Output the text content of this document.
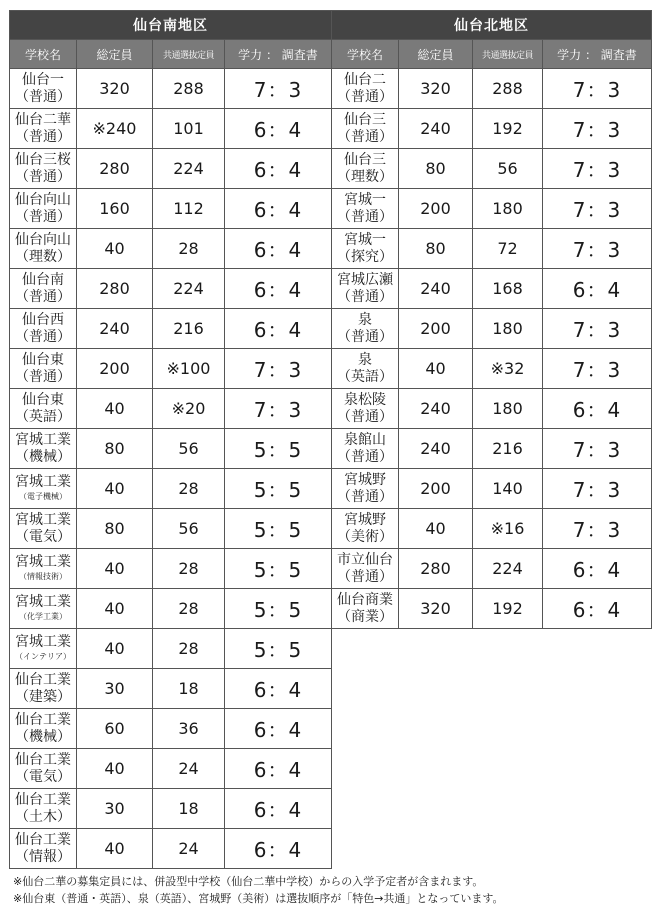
仙台南地区			
学校名	総定員	共通選抜定員	学力 ： 調査書

仙台一
（普通）	320	288	7：3

仙台二華
（普通）	※240	101	6：4

仙台三桜
（普通）	280	224	6：4

仙台向山
（普通）	160	112	6：4

仙台向山
（理数）	40	28	6：4

仙台南
（普通）	280	224	6：4

仙台西
（普通）	240	216	6：4

仙台東
（普通）	200	※100	7：3

仙台東
（英語）	40	※20	7：3

宮城工業
（機械）	80	56	5：5

宮城工業
（電子機械）	40	28	5：5

宮城工業
（電気）	80	56	5：5

宮城工業
（情報技術）	40	28	5：5

宮城工業
（化学工業）	40	28	5：5

宮城工業
（インテリア）	40	28	5：5

仙台工業
（建築）	30	18	6：4

仙台工業
（機械）	60	36	6：4

仙台工業
（電気）	40	24	6：4

仙台工業
（土木）	30	18	6：4

仙台工業
（情報）	40	24	6：4
仙台北地区			
学校名	総定員	共通選抜定員	学力 ： 調査書

仙台二
（普通）	320	288	7：3

仙台三
（普通）	240	192	7：3

仙台三
（理数）	80	56	7：3

宮城一
（普通）	200	180	7：3

宮城一
（探究）	80	72	7：3

宮城広瀬
（普通）	240	168	6：4

泉
（普通）	200	180	7：3

泉
（英語）	40	※32	7：3

泉松陵
（普通）	240	180	6：4

泉館山
（普通）	240	216	7：3

宮城野
（普通）	200	140	7：3

宮城野
（美術）	40	※16	7：3

市立仙台
（普通）	280	224	6：4

仙台商業
（商業）	320	192	6：4
※仙台二華の募集定員には、併設型中学校（仙台二華中学校）からの入学予定者が含まれます。
※仙台東（普通・英語）、泉（英語）、宮城野（美術）は選抜順序が「特色→共通」となっています。
